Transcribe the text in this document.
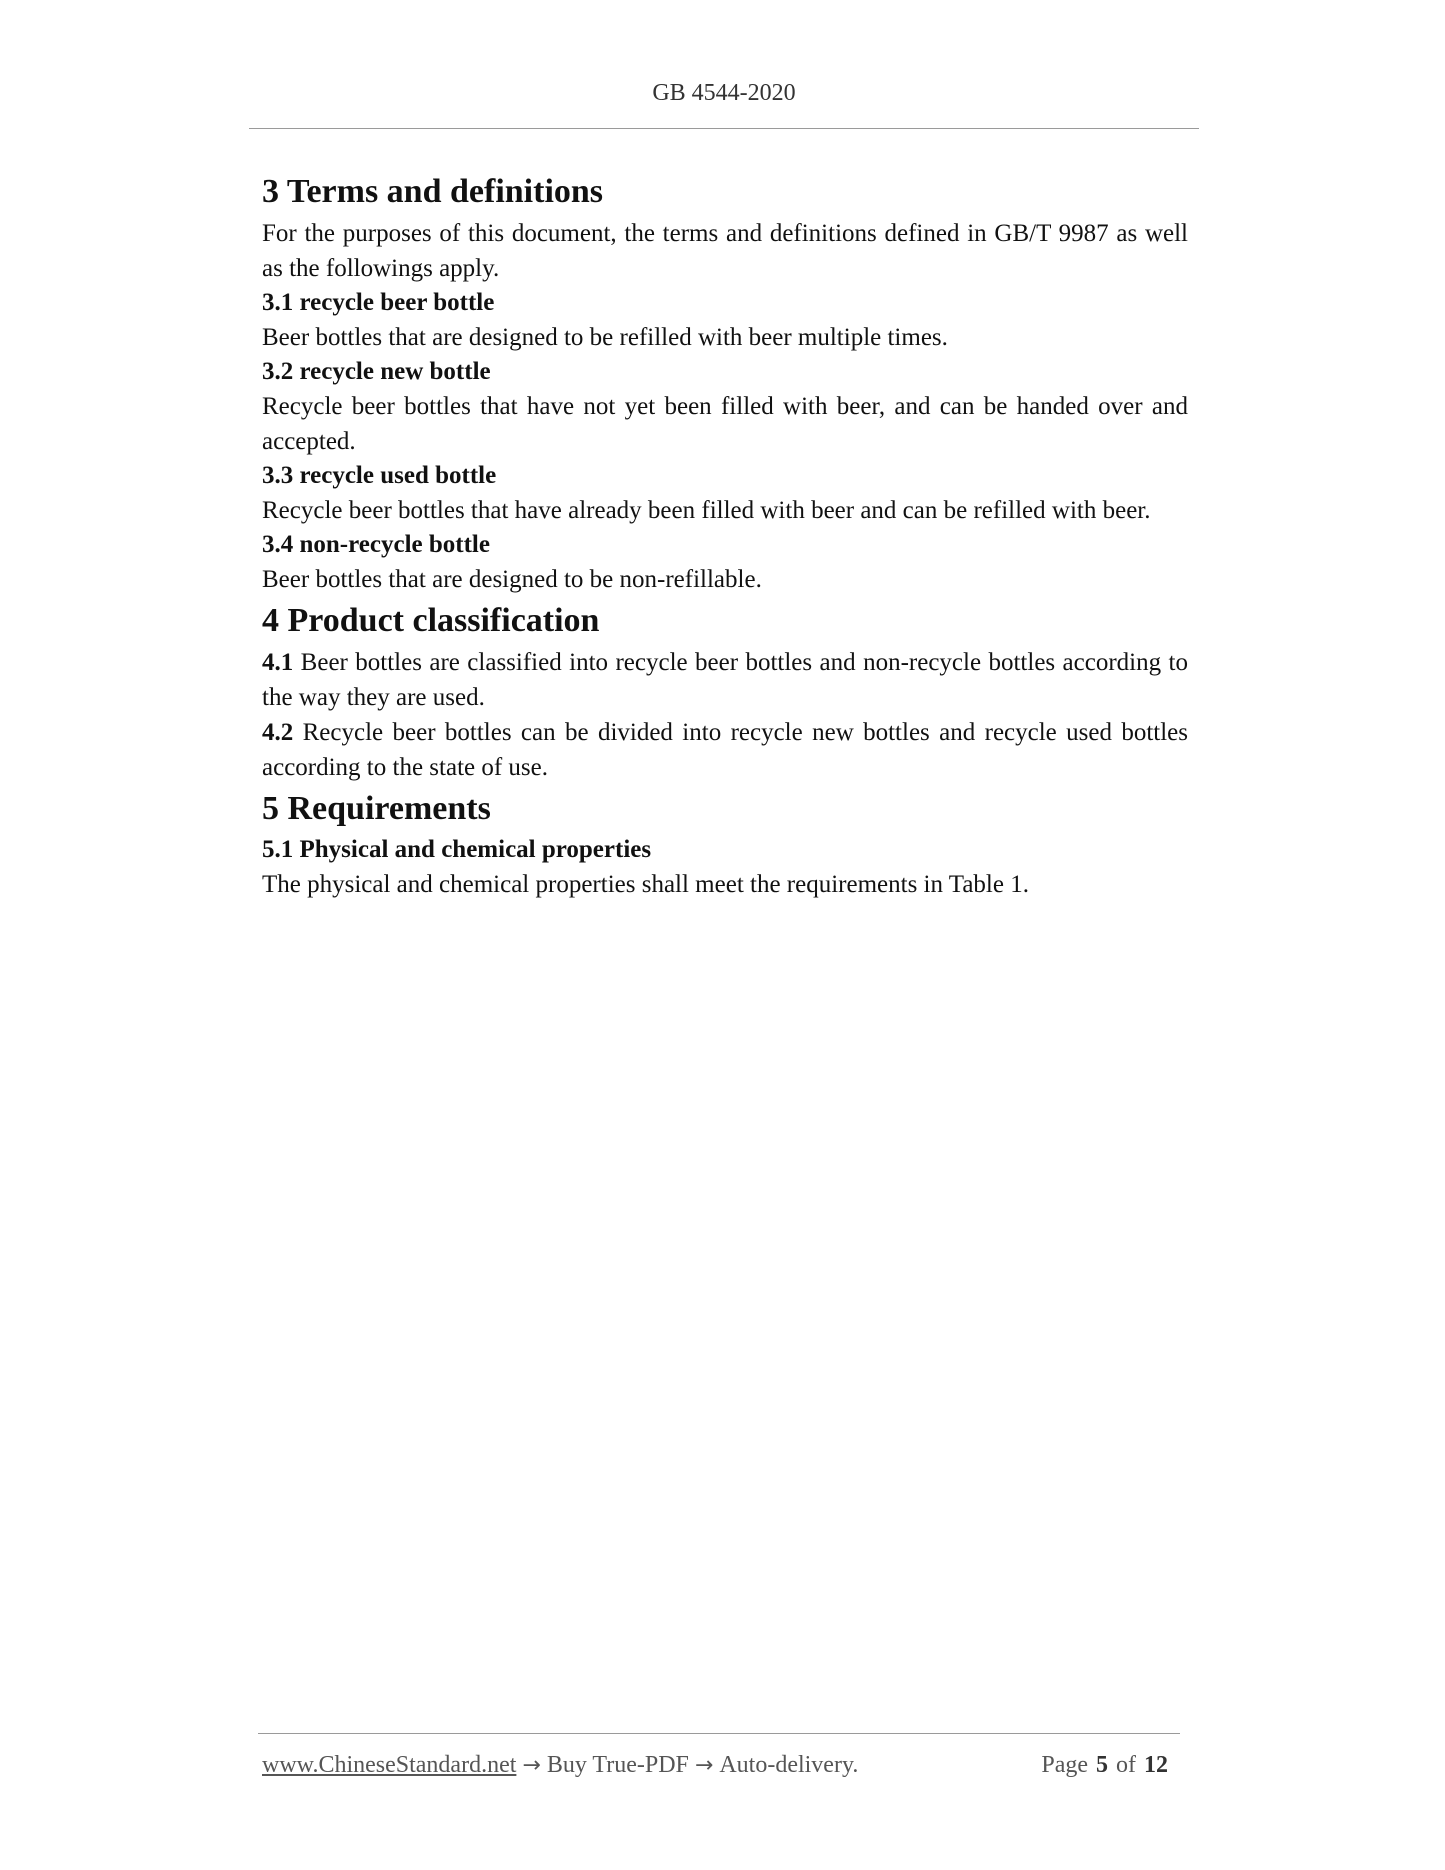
GB 4544-2020
3 Terms and definitions

For the purposes of this document, the terms and definitions defined in GB/T 9987 as well as the followings apply.

3.1 recycle beer bottle

Beer bottles that are designed to be refilled with beer multiple times.

3.2 recycle new bottle

Recycle beer bottles that have not yet been filled with beer, and can be handed over and accepted.

3.3 recycle used bottle

Recycle beer bottles that have already been filled with beer and can be refilled with beer.

3.4 non-recycle bottle

Beer bottles that are designed to be non-refillable.

4 Product classification

4.1 Beer bottles are classified into recycle beer bottles and non-recycle bottles according to the way they are used.

4.2 Recycle beer bottles can be divided into recycle new bottles and recycle used bottles according to the state of use.

5 Requirements
5.1 Physical and chemical properties

The physical and chemical properties shall meet the requirements in Table 1.

www.ChineseStandard.net → Buy True-PDF → Auto-delivery.	Page 5 of 12
